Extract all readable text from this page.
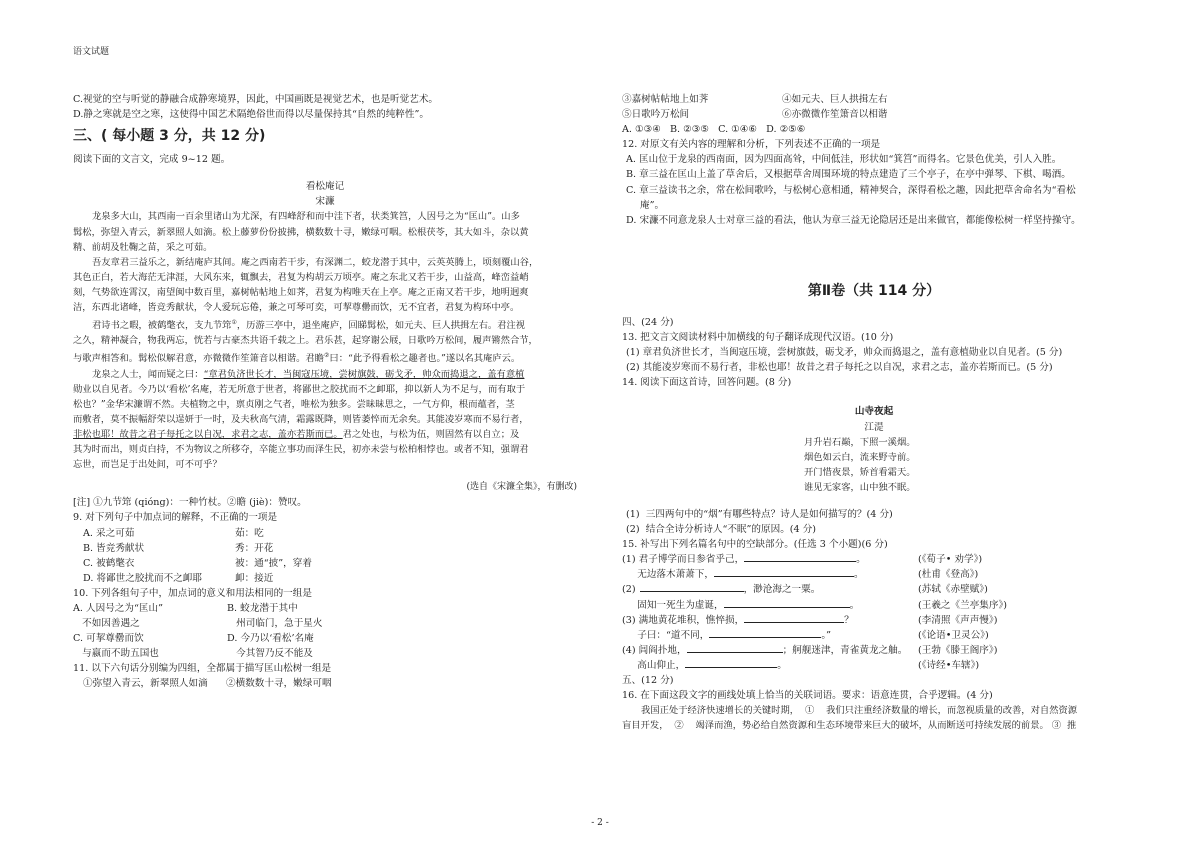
语文试题

C.视觉的空与听觉的静融合成静寒境界，因此，中国画既是视觉艺术，也是听觉艺术。

D.静之寒就是空之寒，这使得中国艺术隔绝俗世而得以尽量保持其“自然的纯粹性”。

三、( 每小题 3 分，共 12 分)

阅读下面的文言文，完成 9~12 题。

看松庵记

宋濂

龙泉多大山，其西南一百余里诸山为尤深，有四峰舒和而中洼下者，状类箕筥，人因号之为“匡山”。山多

髯松，弥望入青云，新翠照人如滴。松上藤萝份份披拂，横数数十寻，嫩绿可咽。松根茯苓，其大如斗，杂以黄

精、前胡及牡鞠之苗，采之可茹。

吾友章君三益乐之，新结庵庐其间。庵之西南若干步，有深渊二，蛟龙潜于其中，云英英腾上，顷刻覆山谷，

其色正白，若大海茫无津涯，大风东来，辄飘去，君复为构胡云万顷亭。庵之东北又若干步，山益高，峰峦益峭

刻，气势欲连霄汉，南望闽中数百里，嘉树帖帖地上如荠，君复为构唯天在上亭。庵之正南又若干步，地明迥爽

洁，东西北诸峰，皆竞秀献状，令人爱玩忘倦，兼之可琴可奕，可挈尊罍而饮，无不宜者，君复为构环中亭。

君诗书之暇，被鹤氅衣，支九节筇①，历游三亭中，退坐庵庐，回睇髯松，如元夫、巨人拱揖左右。君注视

之久，精神凝合，物我两忘，恍若与古豪杰共语千载之上。君乐甚，起穿谢公屐，日歌吟万松间，履声锵然合节，

与歌声相答和。髯松似解君意，亦微微作笙箫音以相谐。君瞻②曰：“此予得看松之趣者也。”遂以名其庵庐云。

龙泉之人士，闻而疑之曰：“章君负济世长才，当闽寇压境，尝树旗鼓，砺戈矛，帅众而捣退之，盖有意植

勋业以自见者。今乃以‘看松’名庵，若无所意于世者，将鄙世之胶扰而不之卹耶，抑以新人为不足与，而有取于

松也？”金华宋濂谓不然。夫植物之中，禀贞刚之气者，唯松为独多。尝昧昧思之，一气方仰，根而蕴者，茎

而敷者，莫不振幅舒荣以逞妍于一时，及夫秋高气清，霜露既降，则皆萎悴而无余矣。其能凌岁寒而不易行者，

非松也耶！故昔之君子每托之以自况，求君之志，盖亦若斯而已。君之处也，与松为伍，则固然有以自立；及

其为时而出，则贞白持，不为物议之所移夺，卒能立事功而泽生民，初亦未尝与松柏相悖也。或者不知，强谓君

忘世，而岂足于出处间，可不可乎？

(选自《宋濂全集》，有删改)

[注] ①九节筇 (qióng)：一种竹杖。②瞻 (jiè)：赞叹。

9. 对下列句子中加点词的解释，不正确的一项是

A. 采之可茹	茹：吃
B. 皆竞秀献状	秀：开花
C. 被鹤氅衣	被：通“披”，穿着
D. 将鄙世之胶扰而不之卹耶	卹：接近

10. 下列各组句子中，加点词的意义和用法相同的一组是

A. 人因号之为“匡山”	B. 蛟龙潜于其中
不如因善遇之	州司临门，急于星火
C. 可挈尊罍而饮	D. 今乃以‘看松’名庵
与嬴而不助五国也	今其智乃反不能及

11. 以下六句话分别编为四组，全都属于描写匡山松树一组是

①弥望入青云，新翠照人如滴      ②横数数十寻，嫩绿可咽

③嘉树帖帖地上如荠	④如元夫、巨人拱揖左右
⑤日歌吟万松间	⑥亦微微作笙箫音以相谐

A. ①③④   B. ②③⑤   C. ①④⑥   D. ②⑤⑥

12. 对原文有关内容的理解和分析，下列表述不正确的一项是

A. 匡山位于龙泉的西南面，因为四面高耸，中间低洼，形状如“箕筥”而得名。它景色优美，引人入胜。

B. 章三益在匡山上盖了草舍后，又根据草舍周围环境的特点建造了三个亭子，在亭中弹琴、下棋、喝酒。

C. 章三益读书之余，常在松间歌吟，与松树心意相通，精神契合，深得看松之趣，因此把草舍命名为“看松

庵”。

D. 宋濂不同意龙泉人士对章三益的看法，他认为章三益无论隐居还是出来做官，都能像松树一样坚持操守。

第Ⅱ卷（共 114 分）

四、(24 分)

13. 把文言文阅读材料中加横线的句子翻译成现代汉语。(10 分)

(1) 章君负济世长才，当闽寇压境，尝树旗鼓，砺戈矛，帅众而捣退之，盖有意植勋业以自见者。(5 分)

(2) 其能凌岁寒而不易行者，非松也耶！故昔之君子每托之以自况，求君之志，盖亦若斯而已。(5 分)

14. 阅读下面这首诗，回答问题。(8 分)

山寺夜起

江湜

月升岩石巅，下照一溪烟。

烟色如云白，流来野寺前。

开门惜夜景，矫首看霜天。

谁见无家客，山中独不眠。

(1)  三四两句中的“烟”有哪些特点？诗人是如何描写的？(4 分)

(2)  结合全诗分析诗人“不眠”的原因。(4 分)

15. 补写出下列名篇名句中的空缺部分。(任选 3 个小题)(6 分)

(1) 君子博学而日参省乎己，	。	(《荀子• 劝学》)
无边落木萧萧下，	。	(杜甫《登高》)
(2)	，渺沧海之一粟。	(苏轼《赤壁赋》)
固知一死生为虚诞，	。	(王羲之《兰亭集序》)
(3) 满地黄花堆积，憔悴损，	？	(李清照《声声慢》)
子曰：“道不同，	。”	(《论语•卫灵公》)
(4) 闾阎扑地，	；舸舰迷津，青雀黄龙之舳。	(王勃《滕王阁序》)
高山仰止，	。	(《诗经•车辖》)

五、(12 分)

16. 在下面这段文字的画线处填上恰当的关联词语。要求：语意连贯，合乎逻辑。(4 分)

我国正处于经济快速增长的关键时期，  ①    我们只注重经济数量的增长，而忽视质量的改善，对自然资源

盲目开发，  ②    竭泽而渔，势必给自然资源和生态环境带来巨大的破坏，从而断送可持续发展的前景。 ③  推

- 2 -
